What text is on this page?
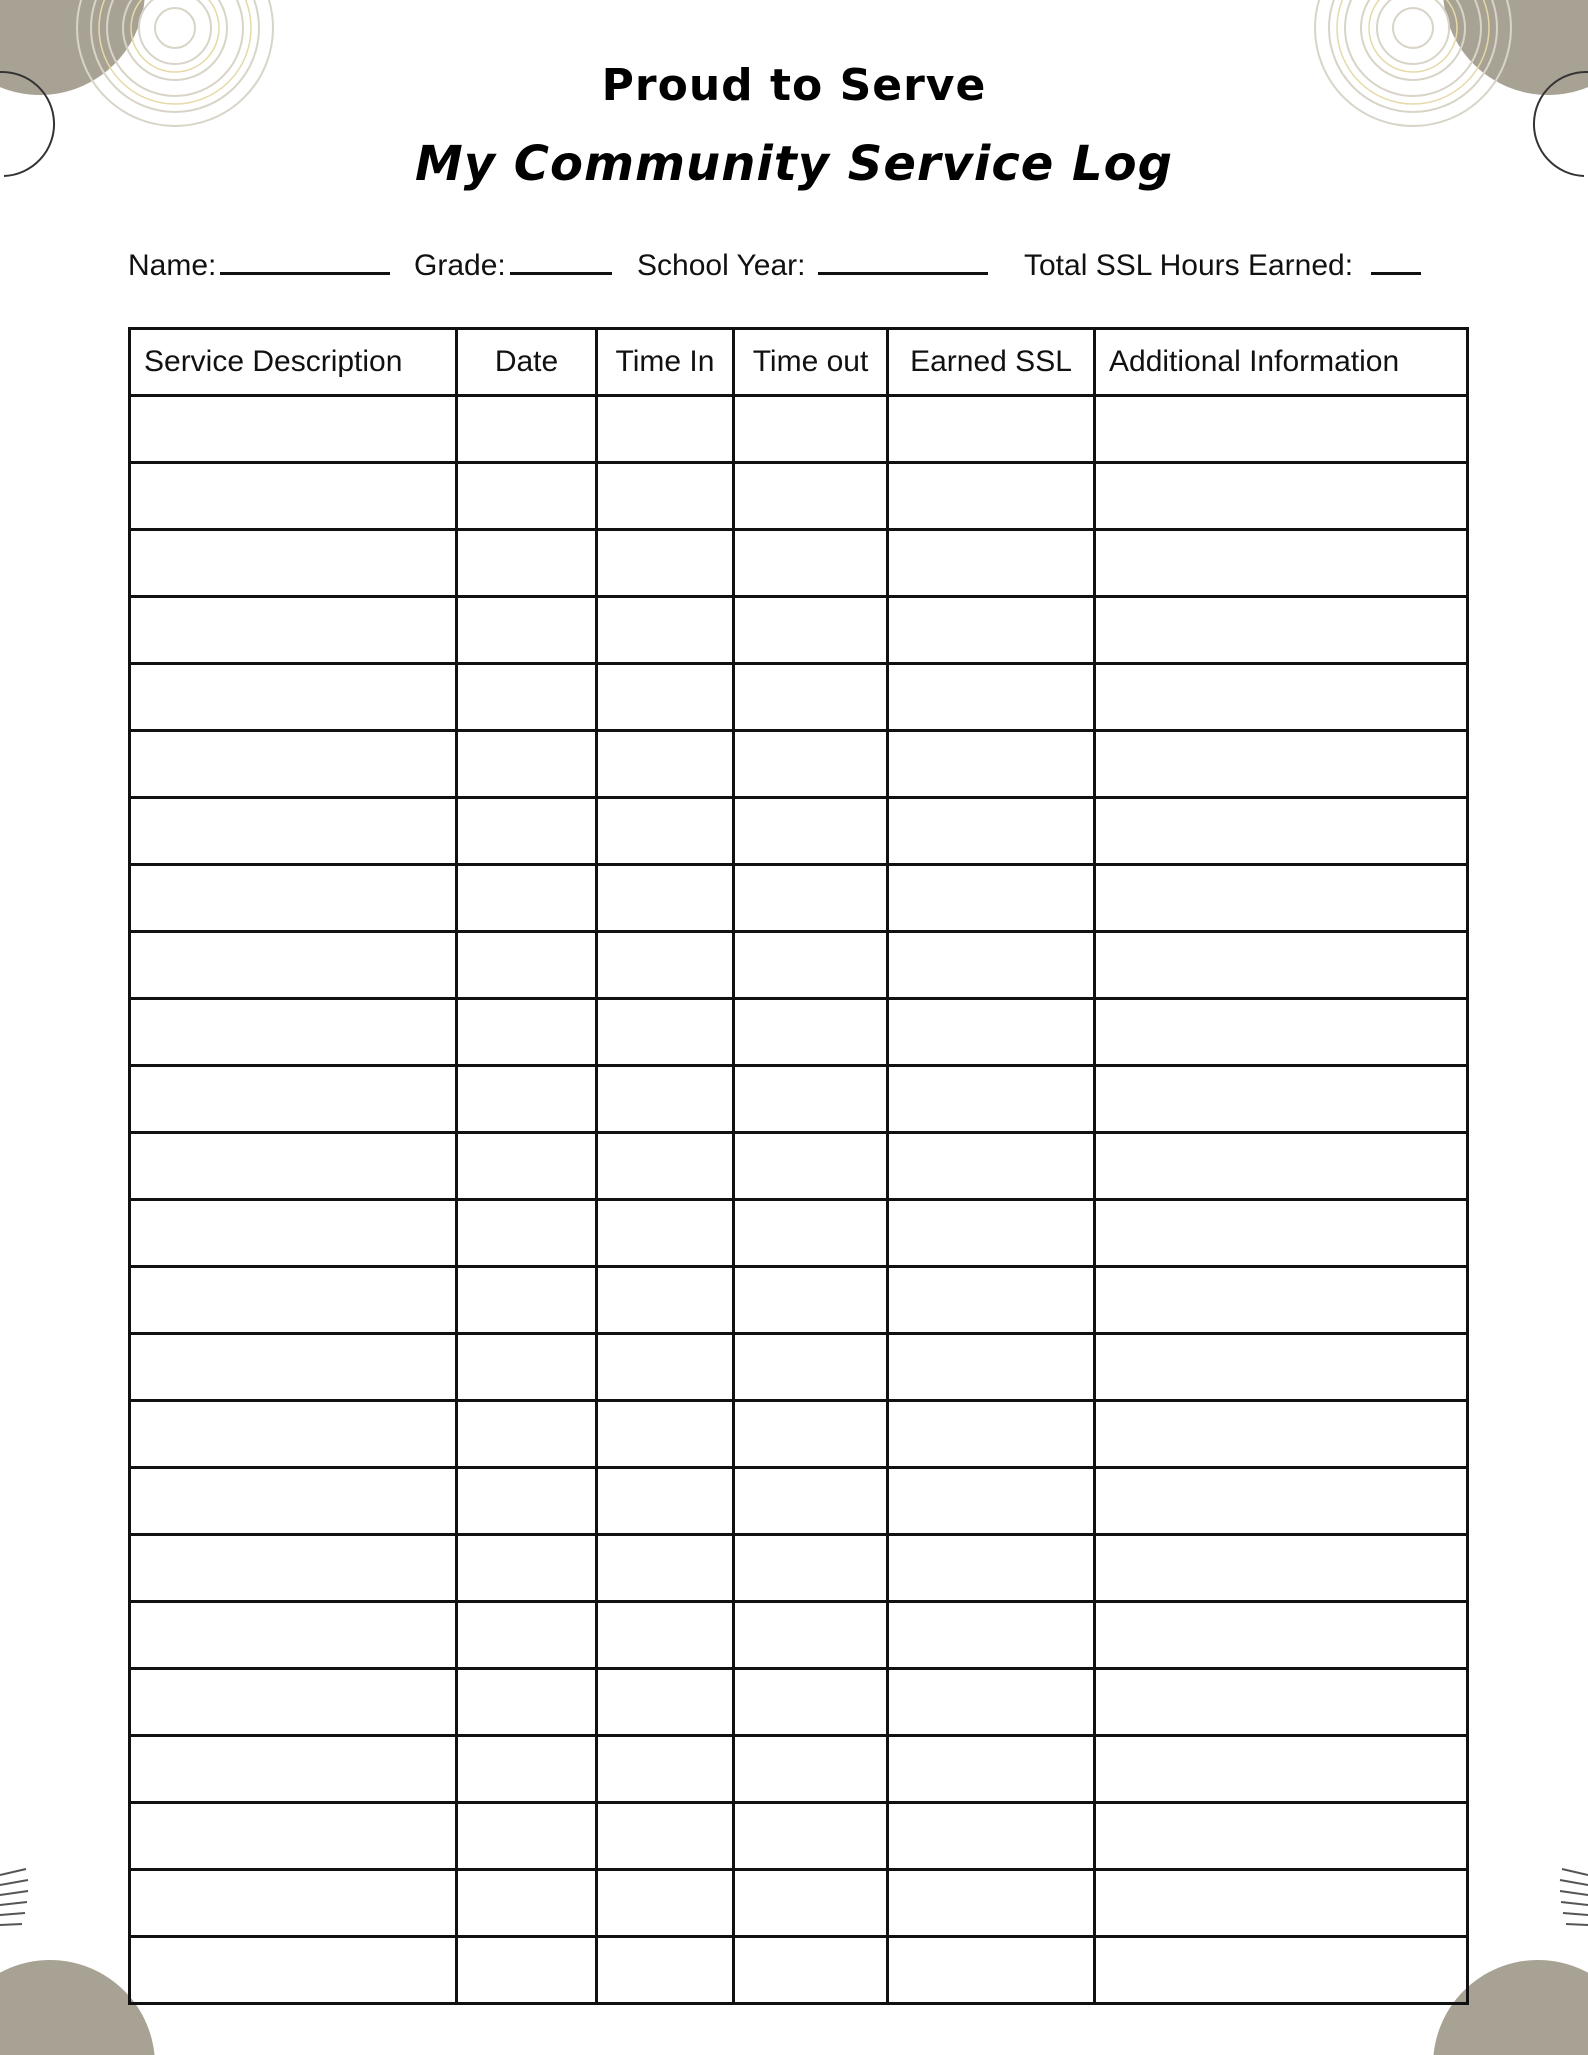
Proud to Serve
My Community Service Log
Name:	Grade:	School Year:	Total SSL Hours Earned:
Service Description	Date	Time In	Time out	Earned SSL	Additional Information
